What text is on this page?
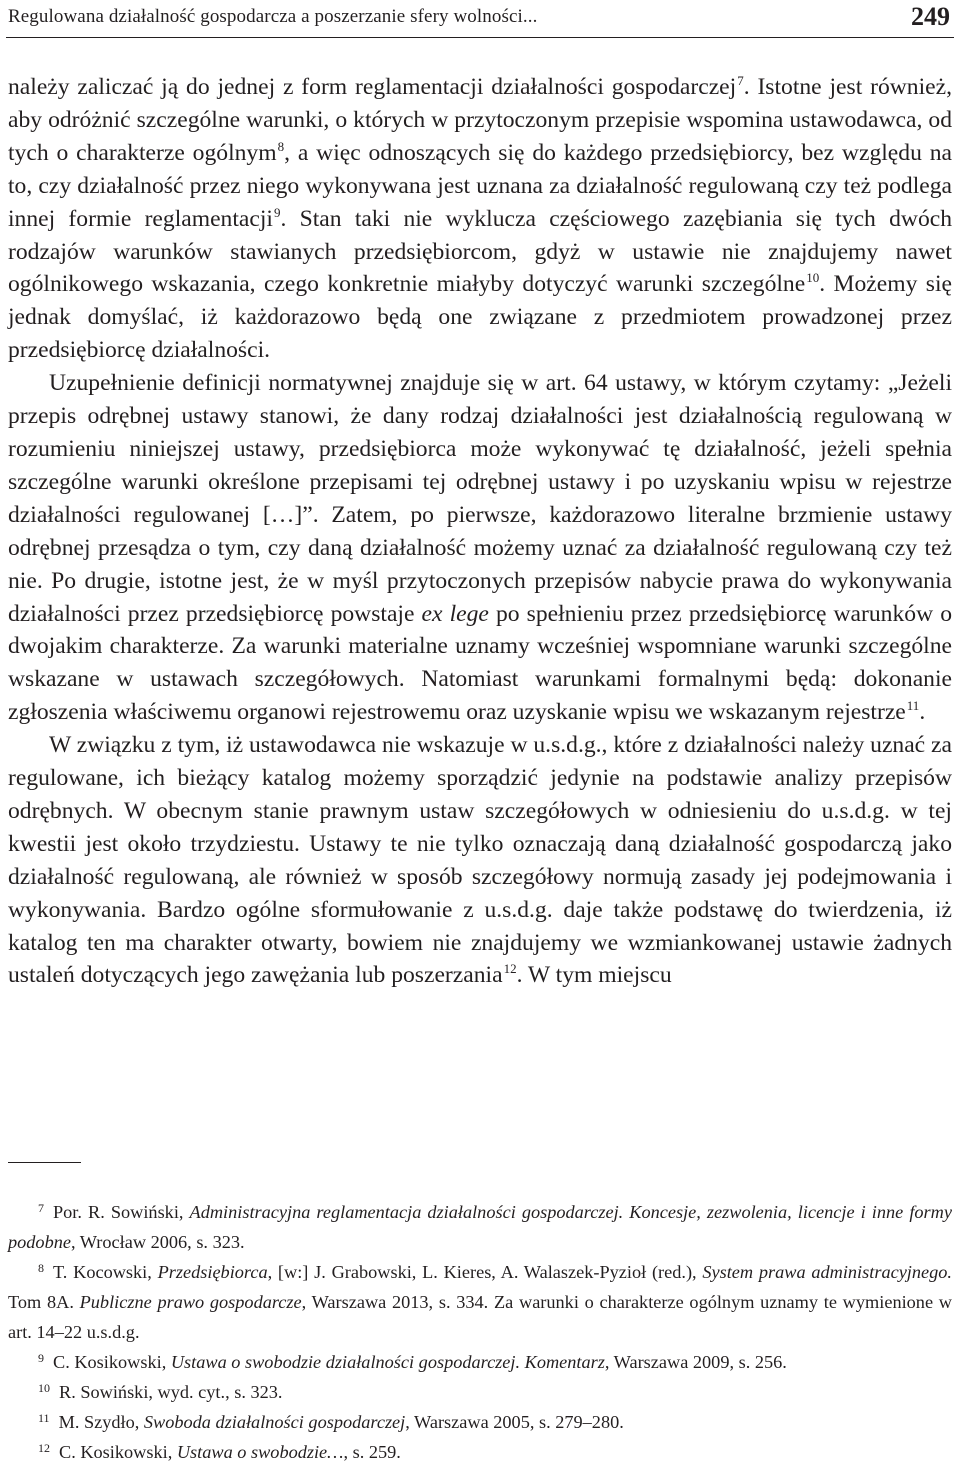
Regulowana działalność gospodarcza a poszerzanie sfery wolności...	249

należy zaliczać ją do jednej z form reglamentacji działalności gospodarczej$^7$. Istotne jest również, aby odróżnić szczególne warunki, o których w przytoczonym przepisie wspomina ustawodawca, od tych o charakterze ogólnym$^8$, a więc odnoszących się do każdego przedsiębiorcy, bez względu na to, czy działalność przez niego wykonywana jest uznana za działalność regulowaną czy też podlega innej formie reglamentacji$^9$. Stan taki nie wyklucza częściowego zazębiania się tych dwóch rodzajów warunków stawianych przedsiębiorcom, gdyż w ustawie nie znajdujemy nawet ogólnikowego wskazania, czego konkretnie miałyby dotyczyć warunki szczególne$^{10}$. Możemy się jednak domyślać, iż każdorazowo będą one związane z przedmiotem prowadzonej przez przedsiębiorcę działalności.

Uzupełnienie definicji normatywnej znajduje się w art. 64 ustawy, w którym czytamy: „Jeżeli przepis odrębnej ustawy stanowi, że dany rodzaj działalności jest działalnością regulowaną w rozumieniu niniejszej ustawy, przedsiębiorca może wykonywać tę działalność, jeżeli spełnia szczególne warunki określone przepisami tej odrębnej ustawy i po uzyskaniu wpisu w rejestrze działalności regulowanej […]”. Zatem, po pierwsze, każdorazowo literalne brzmienie ustawy odrębnej przesądza o tym, czy daną działalność możemy uznać za działalność regulowaną czy też nie. Po drugie, istotne jest, że w myśl przytoczonych przepisów nabycie prawa do wykonywania działalności przez przedsiębiorcę powstaje ex lege po spełnieniu przez przedsiębiorcę warunków o dwojakim charakterze. Za warunki materialne uznamy wcześniej wspomniane warunki szczególne wskazane w ustawach szczegółowych. Natomiast warunkami formalnymi będą: dokonanie zgłoszenia właściwemu organowi rejestrowemu oraz uzyskanie wpisu we wskazanym rejestrze$^{11}$.

W związku z tym, iż ustawodawca nie wskazuje w u.s.d.g., które z działalności należy uznać za regulowane, ich bieżący katalog możemy sporządzić jedynie na podstawie analizy przepisów odrębnych. W obecnym stanie prawnym ustaw szczegółowych w odniesieniu do u.s.d.g. w tej kwestii jest około trzydziestu. Ustawy te nie tylko oznaczają daną działalność gospodarczą jako działalność regulowaną, ale również w sposób szczegółowy normują zasady jej podejmowania i wykonywania. Bardzo ogólne sformułowanie z u.s.d.g. daje także podstawę do twierdzenia, iż katalog ten ma charakter otwarty, bowiem nie znajdujemy we wzmiankowanej ustawie żadnych ustaleń dotyczących jego zawężania lub poszerzania$^{12}$. W tym miejscu

$^7$ Por. R. Sowiński, Administracyjna reglamentacja działalności gospodarczej. Koncesje, zezwolenia, licencje i inne formy podobne, Wrocław 2006, s. 323.

$^8$ T. Kocowski, Przedsiębiorca, [w:] J. Grabowski, L. Kieres, A. Walaszek-Pyzioł (red.), System prawa administracyjnego. Tom 8A. Publiczne prawo gospodarcze, Warszawa 2013, s. 334. Za warunki o charakterze ogólnym uznamy te wymienione w art. 14–22 u.s.d.g.

$^9$ C. Kosikowski, Ustawa o swobodzie działalności gospodarczej. Komentarz, Warszawa 2009, s. 256.

$^{10}$ R. Sowiński, wyd. cyt., s. 323.

$^{11}$ M. Szydło, Swoboda działalności gospodarczej, Warszawa 2005, s. 279–280.

$^{12}$ C. Kosikowski, Ustawa o swobodzie…, s. 259.
